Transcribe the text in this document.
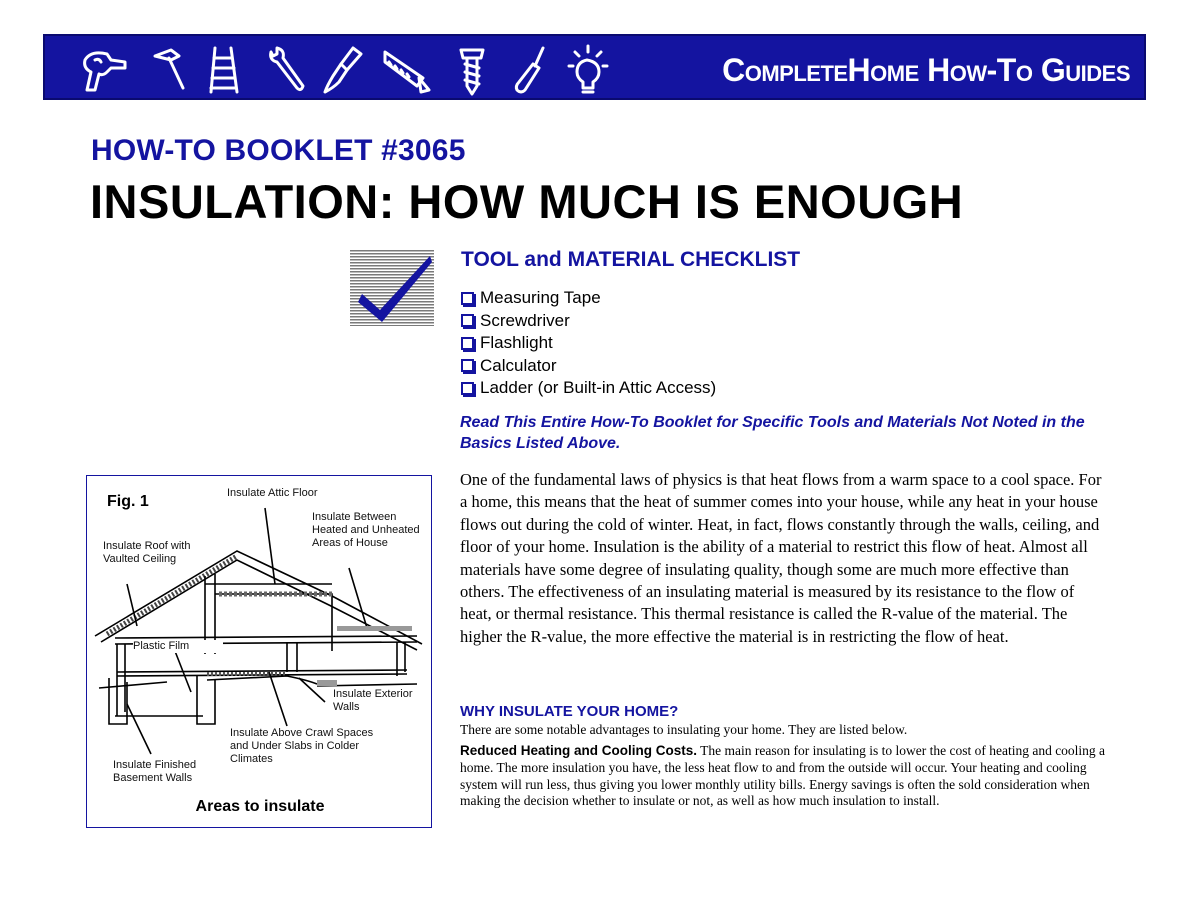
CompleteHome How-To Guides
HOW-TO BOOKLET #3065
INSULATION: HOW MUCH IS ENOUGH
TOOL and MATERIAL CHECKLIST
Measuring Tape
Screwdriver
Flashlight
Calculator
Ladder (or Built-in Attic Access)
Read This Entire How-To Booklet for Specific Tools and Materials Not Noted in the Basics Listed Above.
One of the fundamental laws of physics is that heat flows from a warm space to a cool space. For a home, this means that the heat of summer comes into your house, while any heat in your house flows out during the cold of winter. Heat, in fact, flows constantly through the walls, ceiling, and floor of your home. Insulation is the ability of a material to restrict this flow of heat. Almost all materials have some degree of insulating quality, though some are much more effective than others. The effectiveness of an insulating material is measured by its resistance to the flow of heat, or thermal resistance. This thermal resistance is called the R-value of the material. The higher the R-value, the more effective the material is in restricting the flow of heat.
WHY INSULATE YOUR HOME?
There are some notable advantages to insulating your home. They are listed below.
Reduced Heating and Cooling Costs. The main reason for insulating is to lower the cost of heating and cooling a home. The more insulation you have, the less heat flow to and from the outside will occur. Your heating and cooling system will run less, thus giving you lower monthly utility bills. Energy savings is often the sold consideration when making the decision whether to insulate or not, as well as how much insulation to install.
Fig. 1	Insulate Attic Floor
Insulate Between Heated and Unheated Areas of House
Insulate Roof with Vaulted Ceiling
Plastic Film
Insulate Exterior Walls
Insulate Above Crawl Spaces and Under Slabs in Colder Climates
Insulate Finished Basement Walls
Areas to insulate
